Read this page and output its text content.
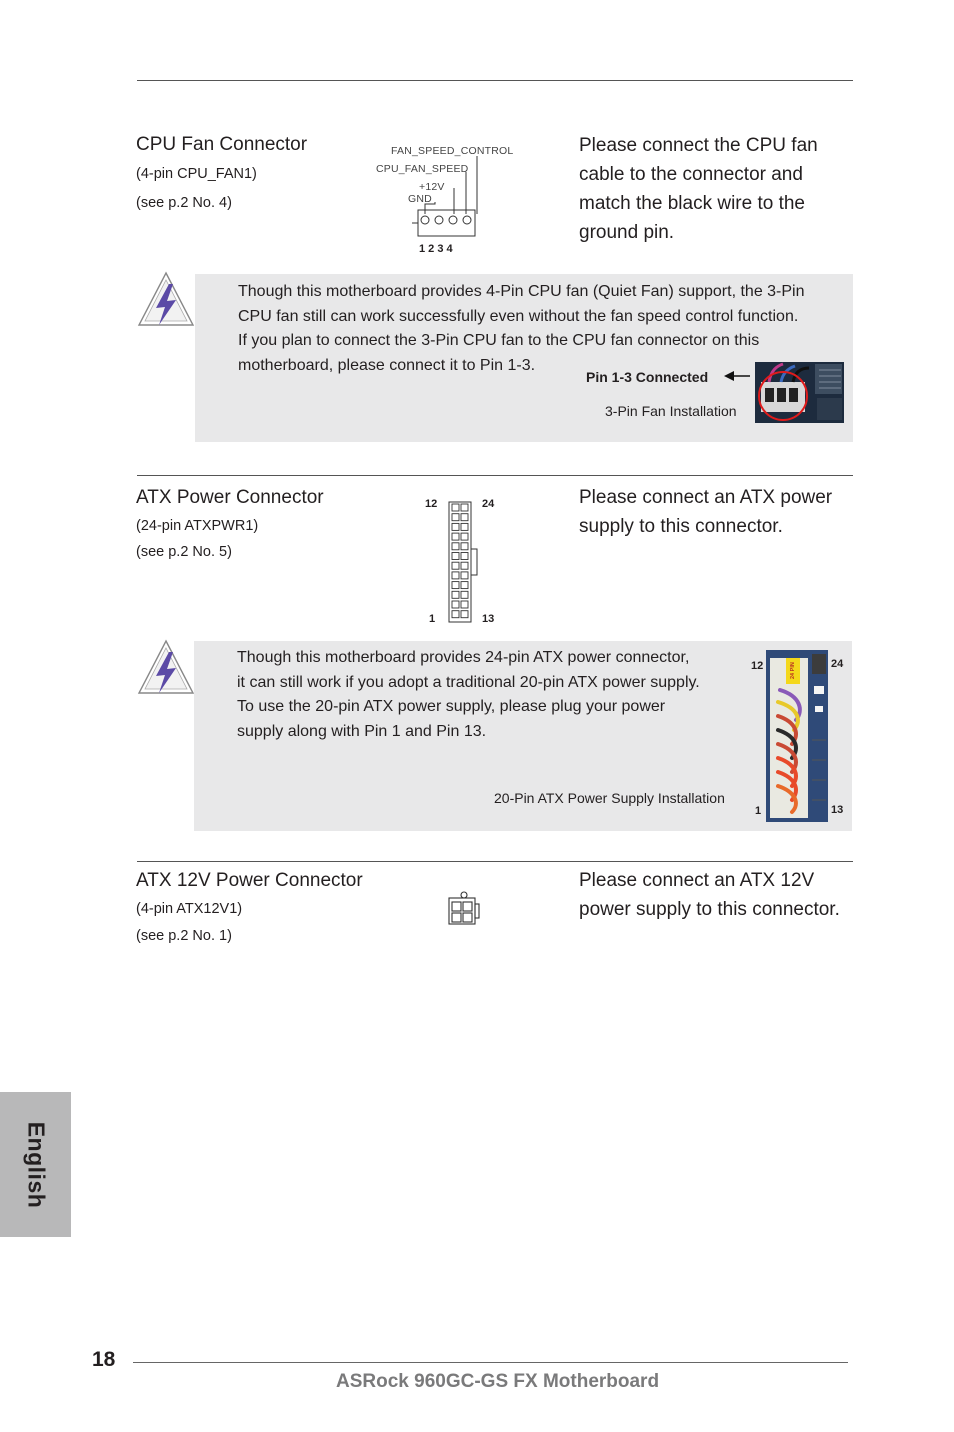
CPU Fan Connector
(4-pin CPU_FAN1)
(see p.2 No. 4)
FAN_SPEED_CONTROL
CPU_FAN_SPEED
+12V
GND
1 2 3 4
Please connect the CPU fan
cable to the connector and
match the black wire to the
ground pin.
Though this motherboard provides 4-Pin CPU fan (Quiet Fan) support, the 3-Pin
CPU fan still can work successfully even without the fan speed control function.
If you plan to connect the 3-Pin CPU fan to the CPU fan connector on this
motherboard, please connect it to Pin 1-3.
Pin 1-3 Connected
3-Pin Fan Installation
ATX Power Connector
(24-pin ATXPWR1)
(see p.2 No. 5)
12	24
1	13
Please connect an ATX power
supply to this connector.
Though this motherboard provides 24-pin ATX power connector,
it can still work if you adopt a traditional 20-pin ATX power supply.
To use the 20-pin ATX power supply, please plug your power
supply along with Pin 1 and Pin 13.
20-Pin ATX Power Supply Installation
12	24
1	13
24 PIN
ATX 12V Power Connector
(4-pin ATX12V1)
(see p.2 No. 1)
Please connect an ATX 12V
power supply to this connector.
English
18
ASRock 960GC-GS FX Motherboard
